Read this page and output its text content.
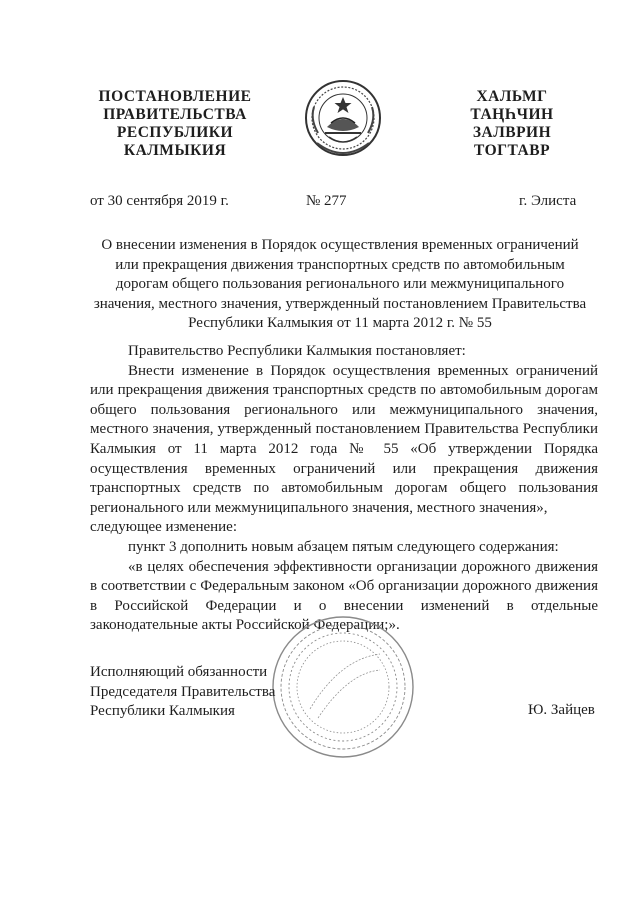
ПОСТАНОВЛЕНИЕ
ПРАВИТЕЛЬСТВА
РЕСПУБЛИКИ
КАЛМЫКИЯ
ХАЛЬМГ
ТАҢҺЧИН
ЗАЛВРИН
ТОГТАВР
от 30 сентября 2019 г.	№ 277	г. Элиста
О внесении изменения в Порядок осуществления временных ограничений
или прекращения движения транспортных средств по автомобильным
дорогам общего пользования регионального или межмуниципального
значения, местного значения, утвержденный постановлением Правительства
Республики Калмыкия от 11 марта 2012 г. № 55

Правительство Республики Калмыкия постановляет:

Внести изменение в Порядок осуществления временных ограничений или прекращения движения транспортных средств по автомобильным дорогам общего пользования регионального или межмуниципального значения, местного значения, утвержденный постановлением Правительства Республики Калмыкия от 11 марта 2012 года № 55 «Об утверждении Порядка осуществления временных ограничений или прекращения движения транспортных средств по автомобильным дорогам общего пользования регионального или межмуниципального значения, местного значения»,

следующее изменение:

пункт 3 дополнить новым абзацем пятым следующего содержания:

«в целях обеспечения эффективности организации дорожного движения в соответствии с Федеральным законом «Об организации дорожного движения в Российской Федерации и о внесении изменений в отдельные законодательные акты Российской Федерации;».

Исполняющий обязанности
Председателя Правительства
Республики Калмыкия	Ю. Зайцев
